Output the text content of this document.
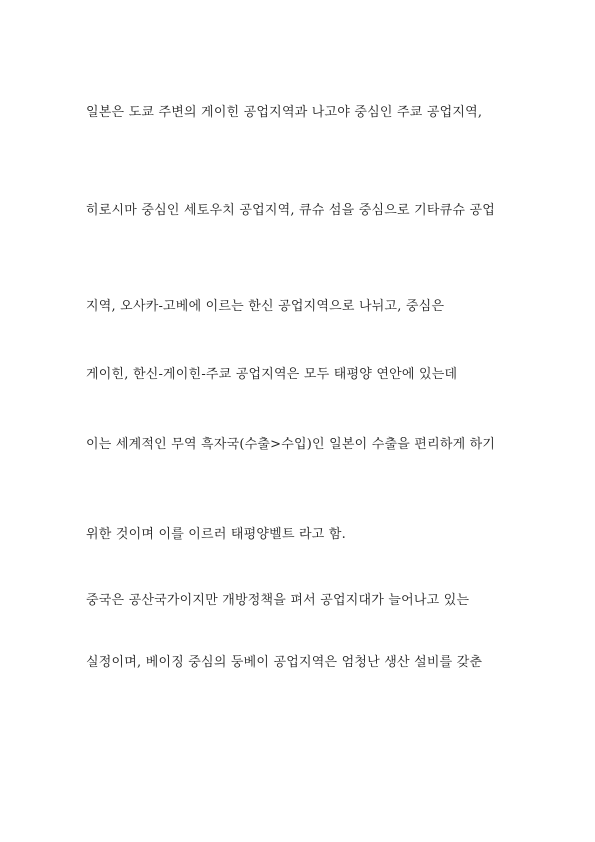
일본은 도쿄 주변의 게이힌 공업지역과 나고야 중심인 주쿄 공업지역,

히로시마 중심인 세토우치 공업지역, 큐슈 섬을 중심으로 기타큐슈 공업

지역, 오사카-고베에 이르는 한신 공업지역으로 나뉘고, 중심은

게이힌, 한신-게이힌-주쿄 공업지역은 모두 태평양 연안에 있는데

이는 세계적인 무역 흑자국(수출>수입)인 일본이 수출을 편리하게 하기

위한 것이며 이를 이르러 태평양벨트 라고 함.

중국은 공산국가이지만 개방정책을 펴서 공업지대가 늘어나고 있는

실정이며, 베이징 중심의 둥베이 공업지역은 엄청난 생산 설비를 갖춘
